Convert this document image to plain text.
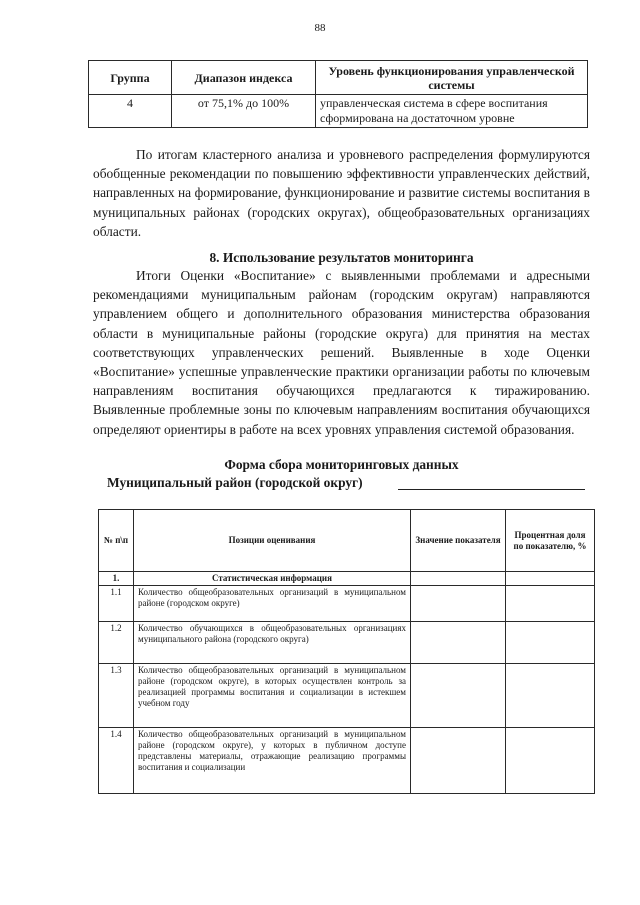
88
Группа	Диапазон индекса	Уровень функционирования управленческой системы
4	от 75,1% до 100%	управленческая система в сфере воспитания сформирована на достаточном уровне

По итогам кластерного анализа и уровневого распределения формулируются обобщенные рекомендации по повышению эффективности управленческих действий, направленных на формирование, функционирование и развитие системы воспитания в муниципальных районах (городских округах), общеобразовательных организациях области.

8. Использование результатов мониторинга

Итоги Оценки «Воспитание» с выявленными проблемами и адресными рекомендациями муниципальным районам (городским округам) направляются управлением общего и дополнительного образования министерства образования области в муниципальные районы (городские округа) для принятия на местах соответствующих управленческих решений. Выявленные в ходе Оценки «Воспитание» успешные управленческие практики организации работы по ключевым направлениям воспитания обучающихся предлагаются к тиражированию. Выявленные проблемные зоны по ключевым направлениям воспитания обучающихся определяют ориентиры в работе на всех уровнях управления системой образования.

Форма сбора мониторинговых данных
Муниципальный район (городской округ)
№ п\п	Позиции оценивания	Значение показателя	Процентная доля по показателю, %
1.	Статистическая информация		
1.1	Количество общеобразовательных организаций в муниципальном районе (городском округе)		
1.2	Количество обучающихся в общеобразовательных организациях муниципального района (городского округа)		
1.3	Количество общеобразовательных организаций в муниципальном районе (городском округе), в которых осуществлен контроль за реализацией программы воспитания и социализации в истекшем учебном году		
1.4	Количество общеобразовательных организаций в муниципальном районе (городском округе), у которых в публичном доступе представлены материалы, отражающие реализацию программы воспитания и социализации		
